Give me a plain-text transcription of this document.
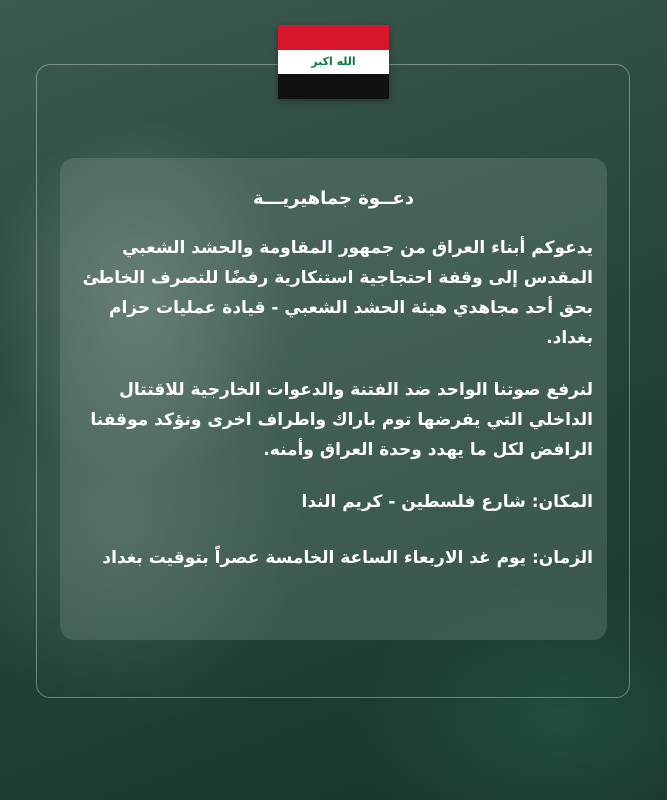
الله اكبر
دعــوة جماهيريـــة

يدعوكم أبناء العراق من جمهور المقاومة والحشد الشعبي المقدس إلى وقفة احتجاجية استنكارية رفضًا للتصرف الخاطئ بحق أحد مجاهدي هيئة الحشد الشعبي - قيادة عمليات حزام بغداد.

لنرفع صوتنا الواحد ضد الفتنة والدعوات الخارجية للاقتتال الداخلي التي يفرضها توم باراك واطراف اخرى ونؤكد موقفنا الرافض لكل ما يهدد وحدة العراق وأمنه.

المكان: شارع فلسطين - كريم الندا

الزمان: يوم غد الاربعاء الساعة الخامسة عصراً بتوقيت بغداد
